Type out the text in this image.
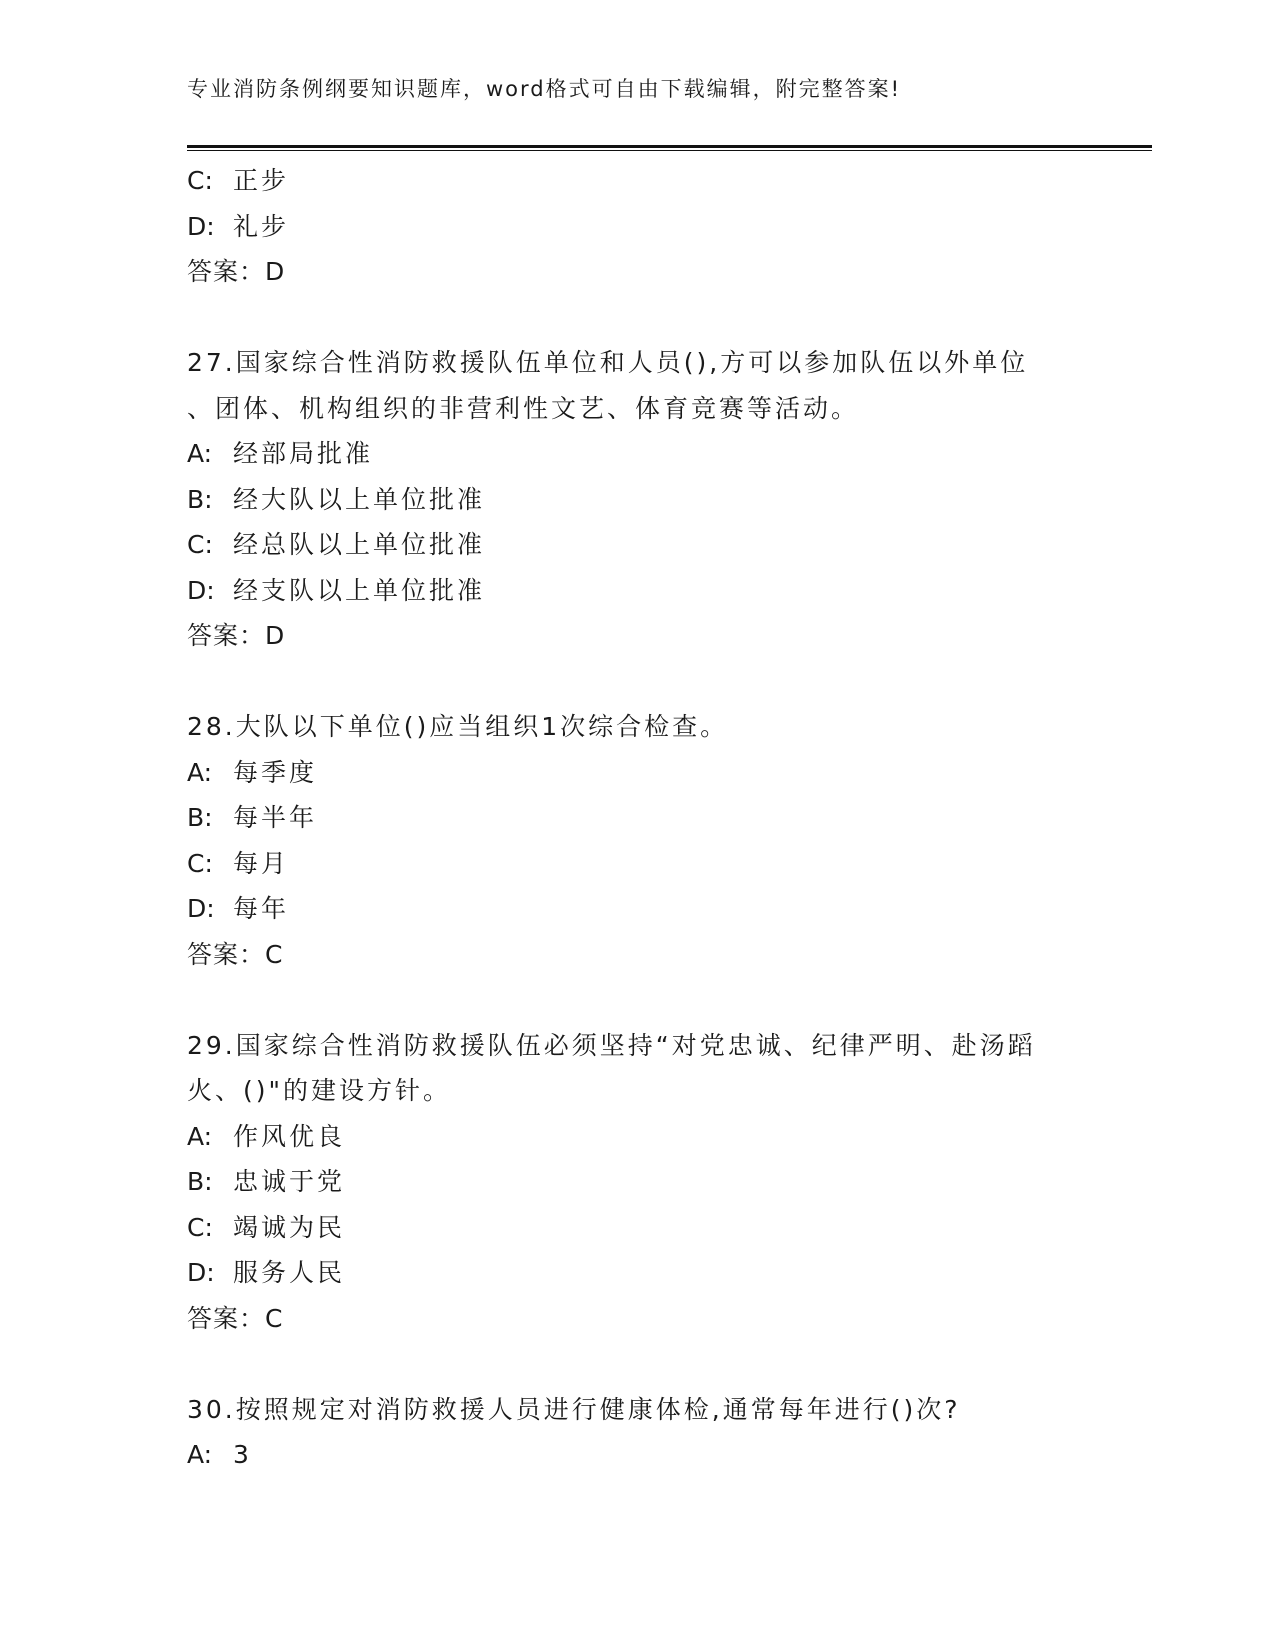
专业消防条例纲要知识题库，word格式可自由下载编辑，附完整答案!
C: 正步
D: 礼步
答案：D
27.国家综合性消防救援队伍单位和人员(),方可以参加队伍以外单位
、团体、机构组织的非营利性文艺、体育竞赛等活动。
A: 经部局批准
B: 经大队以上单位批准
C: 经总队以上单位批准
D: 经支队以上单位批准
答案：D
28.大队以下单位()应当组织1次综合检查。
A: 每季度
B: 每半年
C: 每月
D: 每年
答案：C
29.国家综合性消防救援队伍必须坚持“对党忠诚、纪律严明、赴汤蹈
火、()"的建设方针。
A: 作风优良
B: 忠诚于党
C: 竭诚为民
D: 服务人民
答案：C
30.按照规定对消防救援人员进行健康体检,通常每年进行()次?
A: 3
